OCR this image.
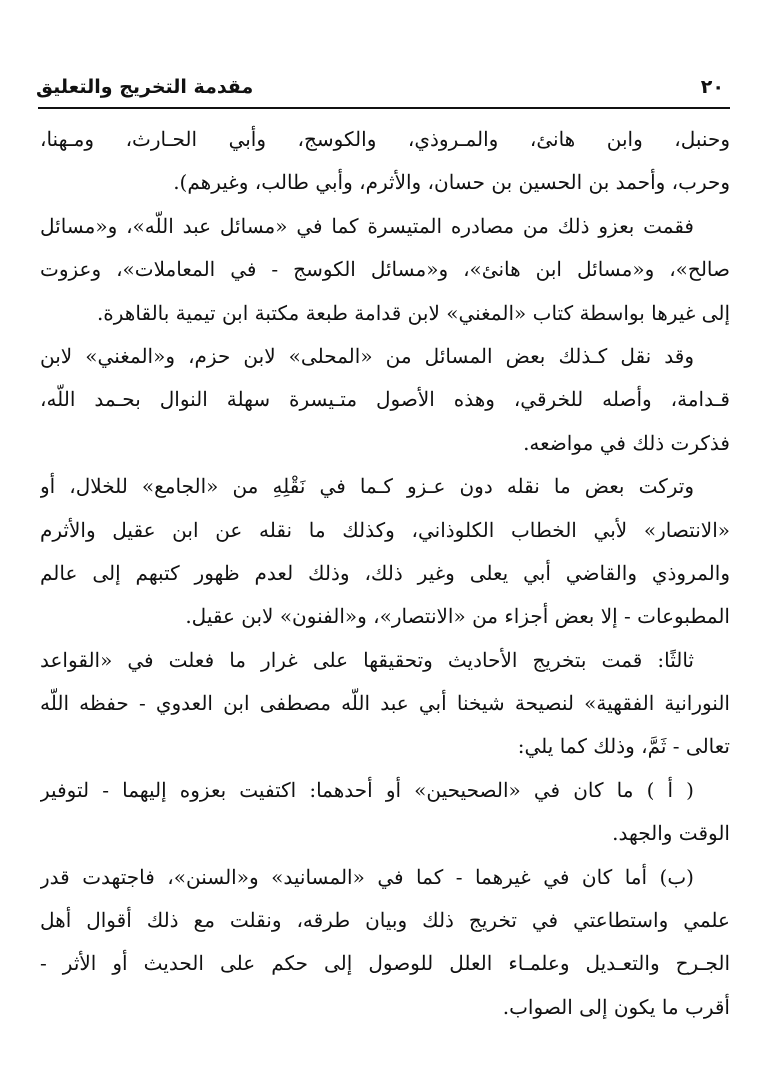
٢٠
مقدمة التخريج والتعليق
وحنبل، وابن هانئ، والمـروذي، والكوسج، وأبي الحـارث، ومـهنا،
وحرب، وأحمد بن الحسين بن حسان، والأثرم، وأبي طالب، وغيرهم).
فقمت بعزو ذلك من مصادره المتيسرة كما في «مسائل عبد اللّه»، و«مسائل
صالح»، و«مسائل ابن هانئ»، و«مسائل الكوسج - في المعاملات»، وعزوت
إلى غيرها بواسطة كتاب «المغني» لابن قدامة طبعة مكتبة ابن تيمية بالقاهرة.
وقد نقل كـذلك بعض المسائل من «المحلى» لابن حزم، و«المغني» لابن
قـدامة، وأصله للخرقي، وهذه الأصول متـيسرة سهلة النوال بحـمد اللّه،
فذكرت ذلك في مواضعه.
وتركت بعض ما نقله دون عـزو كـما في نَقْلِهِ من «الجامع» للخلال، أو
«الانتصار» لأبي الخطاب الكلوذاني، وكذلك ما نقله عن ابن عقيل والأثرم
والمروذي والقاضي أبي يعلى وغير ذلك، وذلك لعدم ظهور كتبهم إلى عالم
المطبوعات - إلا بعض أجزاء من «الانتصار»، و«الفنون» لابن عقيل.
ثالثًا: قمت بتخريج الأحاديث وتحقيقها على غرار ما فعلت في «القواعد
النورانية الفقهية» لنصيحة شيخنا أبي عبد اللّه مصطفى ابن العدوي - حفظه اللّه
تعالى - ثَمَّ، وذلك كما يلي:
( أ ) ما كان في «الصحيحين» أو أحدهما: اكتفيت بعزوه إليهما - لتوفير
الوقت والجهد.
(ب) أما كان في غيرهما - كما في «المسانيد» و«السنن»، فاجتهدت قدر
علمي واستطاعتي في تخريج ذلك وبيان طرقه، ونقلت مع ذلك أقوال أهل
الجـرح والتعـديل وعلمـاء العلل للوصول إلى حكم على الحديث أو الأثر -
أقرب ما يكون إلى الصواب.
